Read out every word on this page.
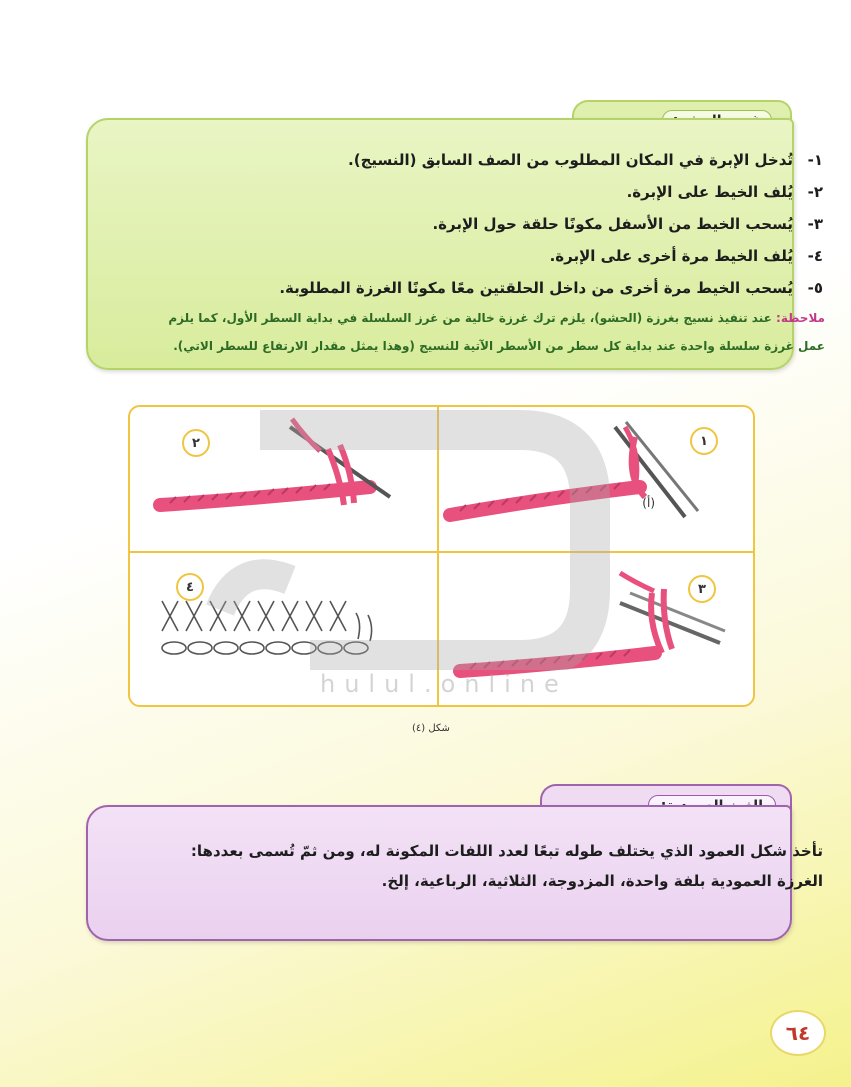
١-
تُدخل الإبرة في المكان المطلوب من الصف السابق (النسيج).
٢-
يُلف الخيط على الإبرة.
٣-
يُسحب الخيط من الأسفل مكونًا حلقة حول الإبرة.
٤-
يُلف الخيط مرة أخرى على الإبرة.
٥-
يُسحب الخيط مرة أخرى من داخل الحلقتين معًا مكونًا الغرزة المطلوبة.
ملاحظة: عند تنفيذ نسيج بغرزة (الحشو)، يلزم ترك غرزة خالية من غرز السلسلة في بداية السطر الأول، كما يلزم
عمل غرزة سلسلة واحدة عند بداية كل سطر من الأسطر الآتية للنسيج (وهذا يمثل مقدار الارتفاع للسطر الاتي).
(أ)
١
٢
٣
٤
hulul.online
شكل (٤)
تأخذ شكل العمود الذي يختلف طوله تبعًا لعدد اللفات المكونة له، ومن ثمّ تُسمى بعددها:
الغرزة العمودية بلفة واحدة، المزدوجة، الثلاثية، الرباعية، إلخ.
٦٤
